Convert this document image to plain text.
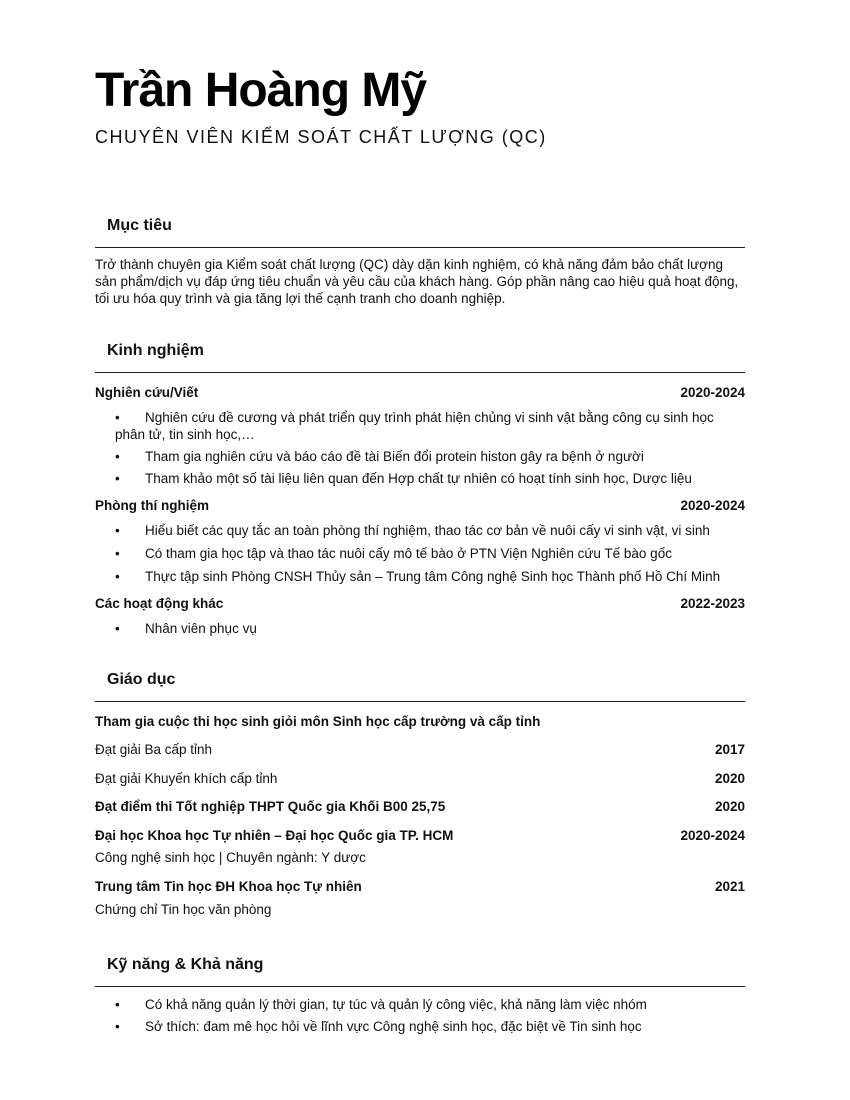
Trần Hoàng Mỹ
CHUYÊN VIÊN KIỂM SOÁT CHẤT LƯỢNG (QC)
Mục tiêu
Trở thành chuyên gia Kiểm soát chất lượng (QC) dày dặn kinh nghiệm, có khả năng đảm bảo chất lượng sản phẩm/dịch vụ đáp ứng tiêu chuẩn và yêu cầu của khách hàng. Góp phần nâng cao hiệu quả hoạt động, tối ưu hóa quy trình và gia tăng lợi thế cạnh tranh cho doanh nghiệp.
Kinh nghiệm
Nghiên cứu/Viết	2020-2024
•	Nghiên cứu đề cương và phát triển quy trình phát hiện chủng vi sinh vật bằng công cụ sinh học phân tử, tin sinh học,…
•	Tham gia nghiên cứu và báo cáo đề tài Biến đổi protein histon gây ra bệnh ở người
•	Tham khảo một số tài liệu liên quan đến Hợp chất tự nhiên có hoạt tính sinh học, Dược liệu
Phòng thí nghiệm	2020-2024
•	Hiểu biết các quy tắc an toàn phòng thí nghiệm, thao tác cơ bản về nuôi cấy vi sinh vật, vi sinh
•	Có tham gia học tập và thao tác nuôi cấy mô tế bào ở PTN Viện Nghiên cứu Tế bào gốc
•	Thực tập sinh Phòng CNSH Thủy sản – Trung tâm Công nghệ Sinh học Thành phố Hồ Chí Minh
Các hoạt động khác	2022-2023
•	Nhân viên phục vụ
Giáo dục
Tham gia cuộc thi học sinh giỏi môn Sinh học cấp trường và cấp tỉnh
Đạt giải Ba cấp tỉnh	2017
Đạt giải Khuyến khích cấp tỉnh	2020
Đạt điểm thi Tốt nghiệp THPT Quốc gia Khối B00 25,75	2020
Đại học Khoa học Tự nhiên – Đại học Quốc gia TP. HCM	2020-2024
Công nghệ sinh học | Chuyên ngành: Y dược
Trung tâm Tin học ĐH Khoa học Tự nhiên	2021
Chứng chỉ Tin học văn phòng
Kỹ năng & Khả năng
•	Có khả năng quản lý thời gian, tự túc và quản lý công việc, khả năng làm việc nhóm
•	Sở thích: đam mê học hỏi về lĩnh vực Công nghệ sinh học, đặc biệt về Tin sinh học
